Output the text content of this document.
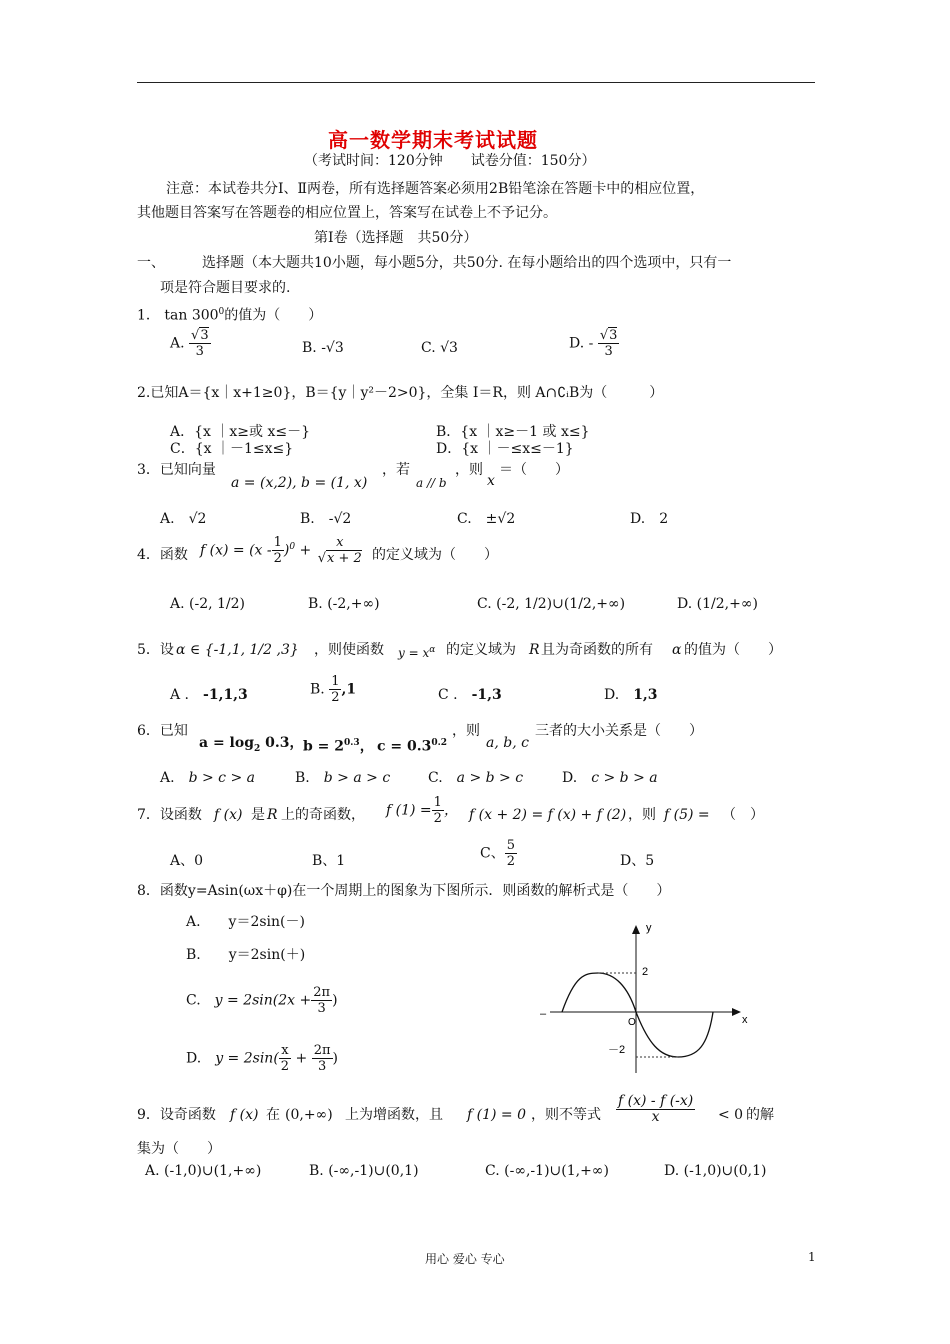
高一数学期末考试试题
（考试时间：120分钟　　试卷分值：150分）
注意：本试卷共分Ⅰ、Ⅱ两卷，所有选择题答案必须用2B铅笔涂在答题卡中的相应位置，
其他题目答案写在答题卷的相应位置上，答案写在试卷上不予记分。
第Ⅰ卷（选择题　共50分）
一、	选择题（本大题共10小题，每小题5分，共50分. 在每小题给出的四个选项中，只有一
项是符合题目要求的.
1． $\tan 300^0$的值为（　　）
A. $\frac{√3}{3}$	B. -√3	C. √3	D. - $\frac{√3}{3}$
2.已知A＝{x｜x+1≥0}，B＝{y｜y²－2>0}，全集 I＝R，则 A∩∁ᵢB为（　　　）
A．{x ｜x≥或 x≤－}	B．{x ｜x≥－1 或 x≤}
C．{x ｜－1≤x≤}	D．{x ｜－≤x≤－1}
3．已知向量
a = (x,2), b = (1, x)
，若
a // b
，则
x
＝（　　）
A.　 √2	B.　 -√2	C.　 ±√2	D.　 2
4．函数 f $(x) = (x - \frac{1}{2} )^0 + \frac{x}{√x + 2}$ 的定义域为（　　）
A. (-2, 1/2)	B. (-2,+∞)	C. (-2, 1/2)∪(1/2,+∞)	D. (1/2,+∞)
5．设 α ∈ {-1,1, 1/2 ,3} ，则使函数 $y = x^\alpha$ 的定义域为 R 且为奇函数的所有 α 的值为（　　）
A .　 -1,1,3	B. $\frac{1}{2} ,1$	C .　 -1,3	D.　 1,3
6．已知
$a = \log_2 0.3$， $b = 2^{0.3}$， $c = 0.3^{0.2}$
，则
a, b, c
三者的大小关系是（　　）
A.　 b > c > a	B.　 b > a > c	C.　 a > b > c	D.　 c > b > a
7．设函数 f (x) 是 R 上的奇函数， f $(1) = \frac{1}{2}$ ， f (x + 2) = f (x) + f (2) ，则 f (5) = （　）
A、0	B、1	C、 $\frac{5}{2}$	D、5
8．函数y=Asin(ωx＋φ)在一个周期上的图象为下图所示．则函数的解析式是（　　）
A.　　y＝2sin(－)
B.　　y＝2sin(＋)
C.　 $y = 2\sin(2x + \frac{2\pi}{3}$ )
D.　 $y = 2\sin( \frac{x}{2} + \frac{2\pi}{3}$ )
y
x
2
－2
O
–
9．设奇函数 f (x) 在 (0,+∞) 上为增函数，且 f (1) = 0 ，则不等式 $\frac{f (x) - f (-x)}{x} < 0$ 的解
集为（　　）
A. (-1,0)∪(1,+∞)	B. (-∞,-1)∪(0,1)	C. (-∞,-1)∪(1,+∞)	D. (-1,0)∪(0,1)
用心 爱心 专心	1
